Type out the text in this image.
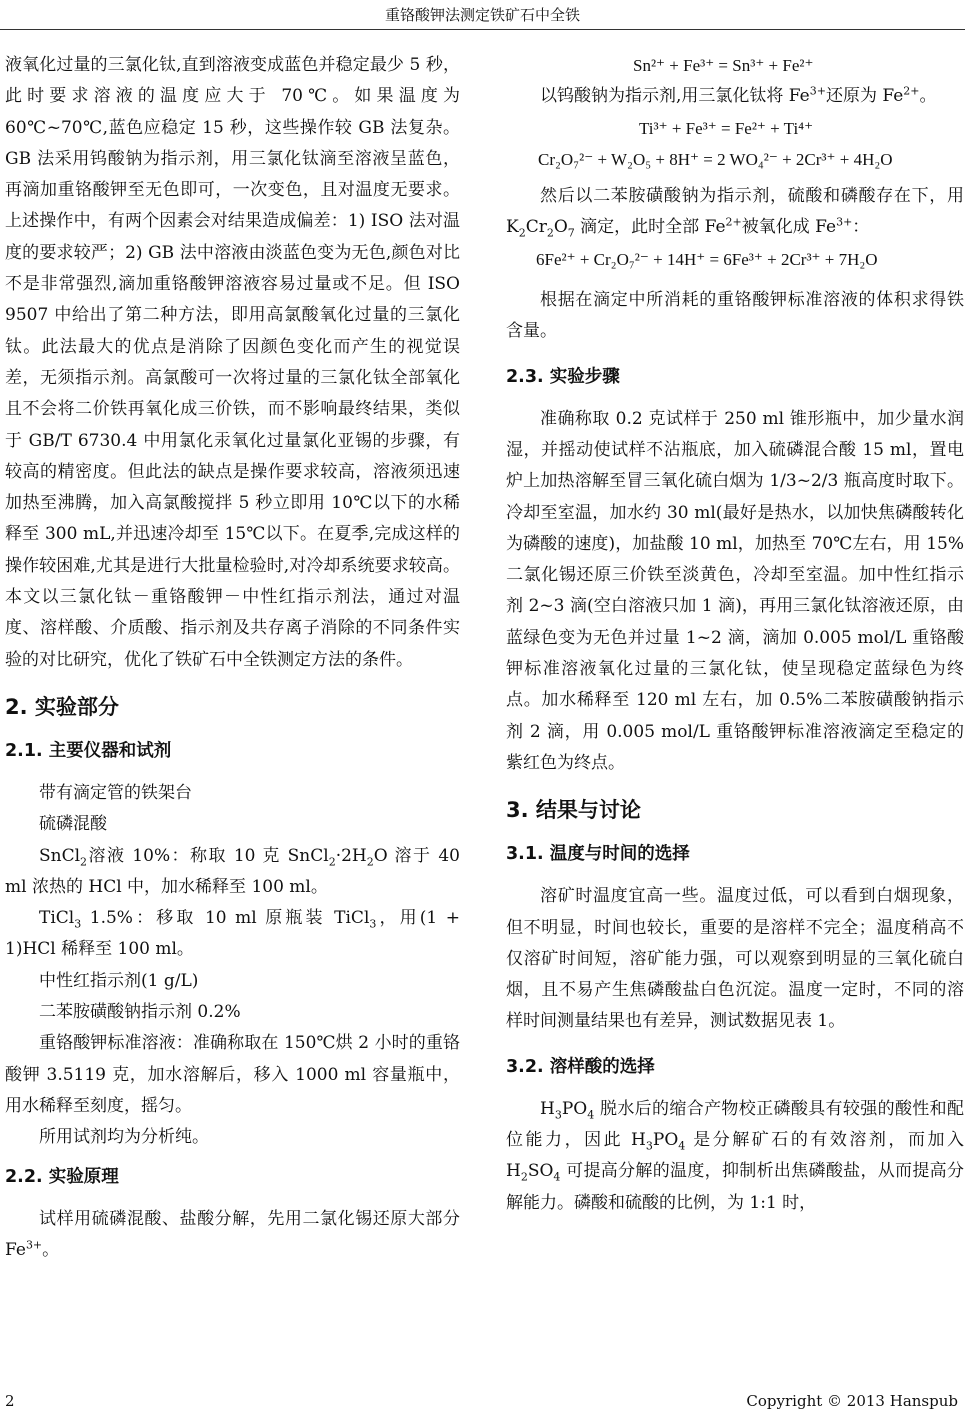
重铬酸钾法测定铁矿石中全铁

液氧化过量的三氯化钛,直到溶液变成蓝色并稳定最少 5 秒，此时要求溶液的温度应大于 70℃。如果温度为 60℃~70℃,蓝色应稳定 15 秒，这些操作较 GB 法复杂。GB 法采用钨酸钠为指示剂，用三氯化钛滴至溶液呈蓝色，再滴加重铬酸钾至无色即可，一次变色，且对温度无要求。上述操作中，有两个因素会对结果造成偏差：1) ISO 法对温度的要求较严；2) GB 法中溶液由淡蓝色变为无色,颜色对比不是非常强烈,滴加重铬酸钾溶液容易过量或不足。但 ISO 9507 中给出了第二种方法，即用高氯酸氧化过量的三氯化钛。此法最大的优点是消除了因颜色变化而产生的视觉误差，无须指示剂。高氯酸可一次将过量的三氯化钛全部氧化且不会将二价铁再氧化成三价铁，而不影响最终结果，类似于 GB/T 6730.4 中用氯化汞氧化过量氯化亚锡的步骤，有较高的精密度。但此法的缺点是操作要求较高，溶液须迅速加热至沸腾，加入高氯酸搅拌 5 秒立即用 10℃以下的水稀释至 300 mL,并迅速冷却至 15℃以下。在夏季,完成这样的操作较困难,尤其是进行大批量检验时,对冷却系统要求较高。本文以三氯化钛－重铬酸钾－中性红指示剂法，通过对温度、溶样酸、介质酸、指示剂及共存离子消除的不同条件实验的对比研究，优化了铁矿石中全铁测定方法的条件。

2. 实验部分
2.1. 主要仪器和试剂

带有滴定管的铁架台

硫磷混酸

SnCl$_2$溶液 10%：称取 10 克 $SnCl_2\cdot 2H_2O$ 溶于 40 ml 浓热的 HCl 中，加水稀释至 100 ml。

TiCl$_3$ 1.5%：移取 10 ml 原瓶装 TiCl$_3$，用(1 + 1)HCl 稀释至 100 ml。

中性红指示剂(1 g/L)

二苯胺磺酸钠指示剂 0.2%

重铬酸钾标准溶液：准确称取在 150℃烘 2 小时的重铬酸钾 3.5119 克，加水溶解后，移入 1000 ml 容量瓶中，用水稀释至刻度，摇匀。

所用试剂均为分析纯。

2.2. 实验原理

试样用硫磷混酸、盐酸分解，先用二氯化锡还原大部分 $Fe^{3+}$。

Sn²⁺ + Fe³⁺ = Sn³⁺ + Fe²⁺

以钨酸钠为指示剂,用三氯化钛将 $Fe^{3+}$还原为 $Fe^{2+}$。

Ti³⁺ + Fe³⁺ = Fe²⁺ + Ti⁴⁺
Cr₂O₇²⁻ + W₂O₅ + 8H⁺ = 2 WO₄²⁻ + 2Cr³⁺ + 4H₂O

然后以二苯胺磺酸钠为指示剂，硫酸和磷酸存在下，用 $K_2Cr_2O_7$ 滴定，此时全部 $Fe^{2+}$被氧化成 $Fe^{3+}$：

6Fe²⁺ + Cr₂O₇²⁻ + 14H⁺ = 6Fe³⁺ + 2Cr³⁺ + 7H₂O

根据在滴定中所消耗的重铬酸钾标准溶液的体积求得铁含量。

2.3. 实验步骤

准确称取 0.2 克试样于 250 ml 锥形瓶中，加少量水润湿，并摇动使试样不沾瓶底，加入硫磷混合酸 15 ml，置电炉上加热溶解至冒三氧化硫白烟为 1/3~2/3 瓶高度时取下。冷却至室温，加水约 30 ml(最好是热水，以加快焦磷酸转化为磷酸的速度)，加盐酸 10 ml，加热至 70℃左右，用 15%二氯化锡还原三价铁至淡黄色，冷却至室温。加中性红指示剂 2~3 滴(空白溶液只加 1 滴)，再用三氯化钛溶液还原，由蓝绿色变为无色并过量 1~2 滴，滴加 0.005 mol/L 重铬酸钾标准溶液氧化过量的三氯化钛，使呈现稳定蓝绿色为终点。加水稀释至 120 ml 左右，加 0.5%二苯胺磺酸钠指示剂 2 滴，用 0.005 mol/L 重铬酸钾标准溶液滴定至稳定的紫红色为终点。

3. 结果与讨论
3.1. 温度与时间的选择

溶矿时温度宜高一些。温度过低，可以看到白烟现象，但不明显，时间也较长，重要的是溶样不完全；温度稍高不仅溶矿时间短，溶矿能力强，可以观察到明显的三氧化硫白烟，且不易产生焦磷酸盐白色沉淀。温度一定时，不同的溶样时间测量结果也有差异，测试数据见表 1。

3.2. 溶样酸的选择

$H_3PO_4$ 脱水后的缩合产物校正磷酸具有较强的酸性和配位能力，因此 $H_3PO_4$ 是分解矿石的有效溶剂，而加入 $H_2SO_4$ 可提高分解的温度，抑制析出焦磷酸盐，从而提高分解能力。磷酸和硫酸的比例，为 1:1 时，

2	Copyright © 2013 Hanspub
